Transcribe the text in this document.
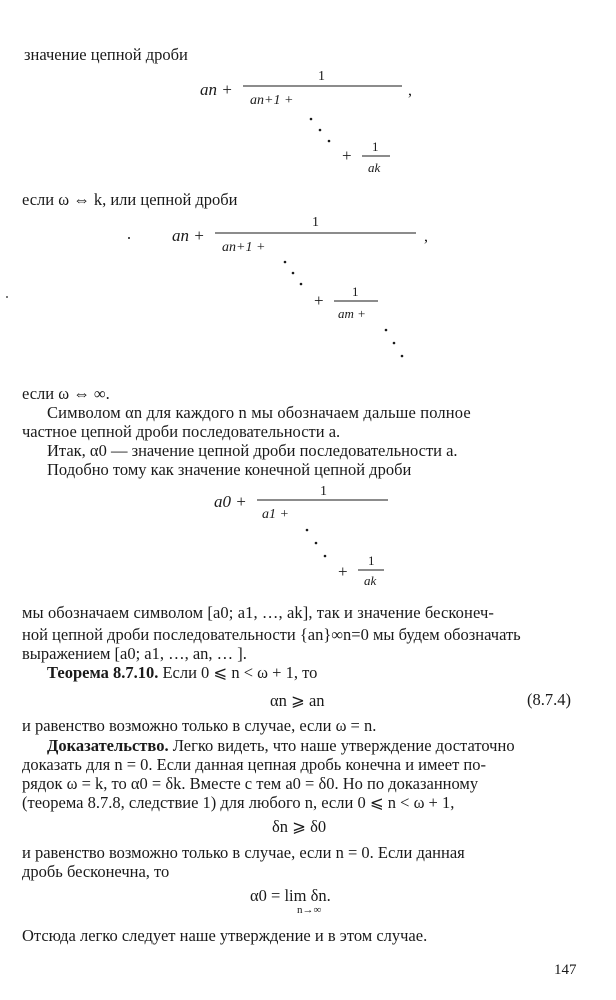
значение цепной дроби
an +
1
,
an+1 +
+ 1
ak
если ω ⇔ k, или цепной дроби
an +
1
,
an+1 +
+ 1
am +
если ω ⇔ ∞.
Символом αn для каждого n мы обозначаем дальше полное
частное цепной дроби последовательности a.
Итак, α0 — значение цепной дроби последовательности a.
Подобно тому как значение конечной цепной дроби
a0 +
1
a1 +
+
1
ak
мы обозначаем символом [a0; a1, …, ak], так и значение бесконеч-
ной цепной дроби последовательности {an}∞n=0 мы будем обозначать
выражением [a0; a1, …, an, … ].
Теорема 8.7.10. Если 0 ⩽ n < ω + 1, то
αn ⩾ an	(8.7.4)
и равенство возможно только в случае, если ω = n.
Доказательство. Легко видеть, что наше утверждение достаточно
доказать для n = 0. Если данная цепная дробь конечна и имеет по-
рядок ω = k, то α0 = δk. Вместе с тем a0 = δ0. Но по доказанному
(теорема 8.7.8, следствие 1) для любого n, если 0 ⩽ n < ω + 1,
δn ⩾ δ0
и равенство возможно только в случае, если n = 0. Если данная
дробь бесконечна, то
α0 = lim δn.
n→∞
Отсюда легко следует наше утверждение и в этом случае.
147
